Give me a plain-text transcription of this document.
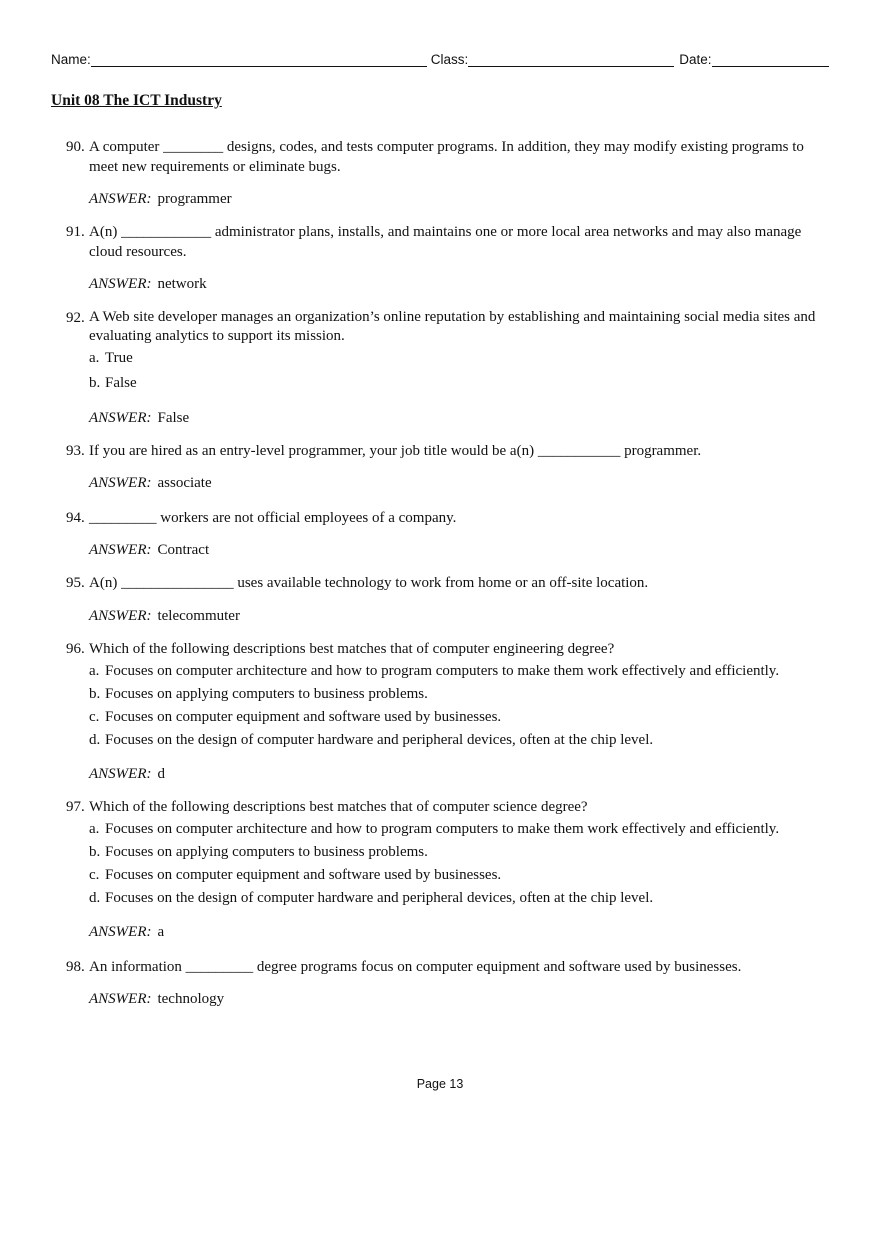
Name:	Class:	Date:
Unit 08 The ICT Industry
90. A computer ________ designs, codes, and tests computer programs. In addition, they may modify existing programs to meet new requirements or eliminate bugs.
ANSWER: programmer
91. A(n) ____________ administrator plans, installs, and maintains one or more local area networks and may also manage cloud resources.
ANSWER: network
92. A Web site developer manages an organization’s online reputation by establishing and maintaining social media sites and evaluating analytics to support its mission.
a. True
b. False
ANSWER: False
93. If you are hired as an entry-level programmer, your job title would be a(n) ___________ programmer.
ANSWER: associate
94. _________ workers are not official employees of a company.
ANSWER: Contract
95. A(n) _______________ uses available technology to work from home or an off-site location.
ANSWER: telecommuter
96. Which of the following descriptions best matches that of computer engineering degree?
a. Focuses on computer architecture and how to program computers to make them work effectively and efficiently.
b. Focuses on applying computers to business problems.
c. Focuses on computer equipment and software used by businesses.
d. Focuses on the design of computer hardware and peripheral devices, often at the chip level.
ANSWER: d
97. Which of the following descriptions best matches that of computer science degree?
a. Focuses on computer architecture and how to program computers to make them work effectively and efficiently.
b. Focuses on applying computers to business problems.
c. Focuses on computer equipment and software used by businesses.
d. Focuses on the design of computer hardware and peripheral devices, often at the chip level.
ANSWER: a
98. An information _________ degree programs focus on computer equipment and software used by businesses.
ANSWER: technology
Page 13
